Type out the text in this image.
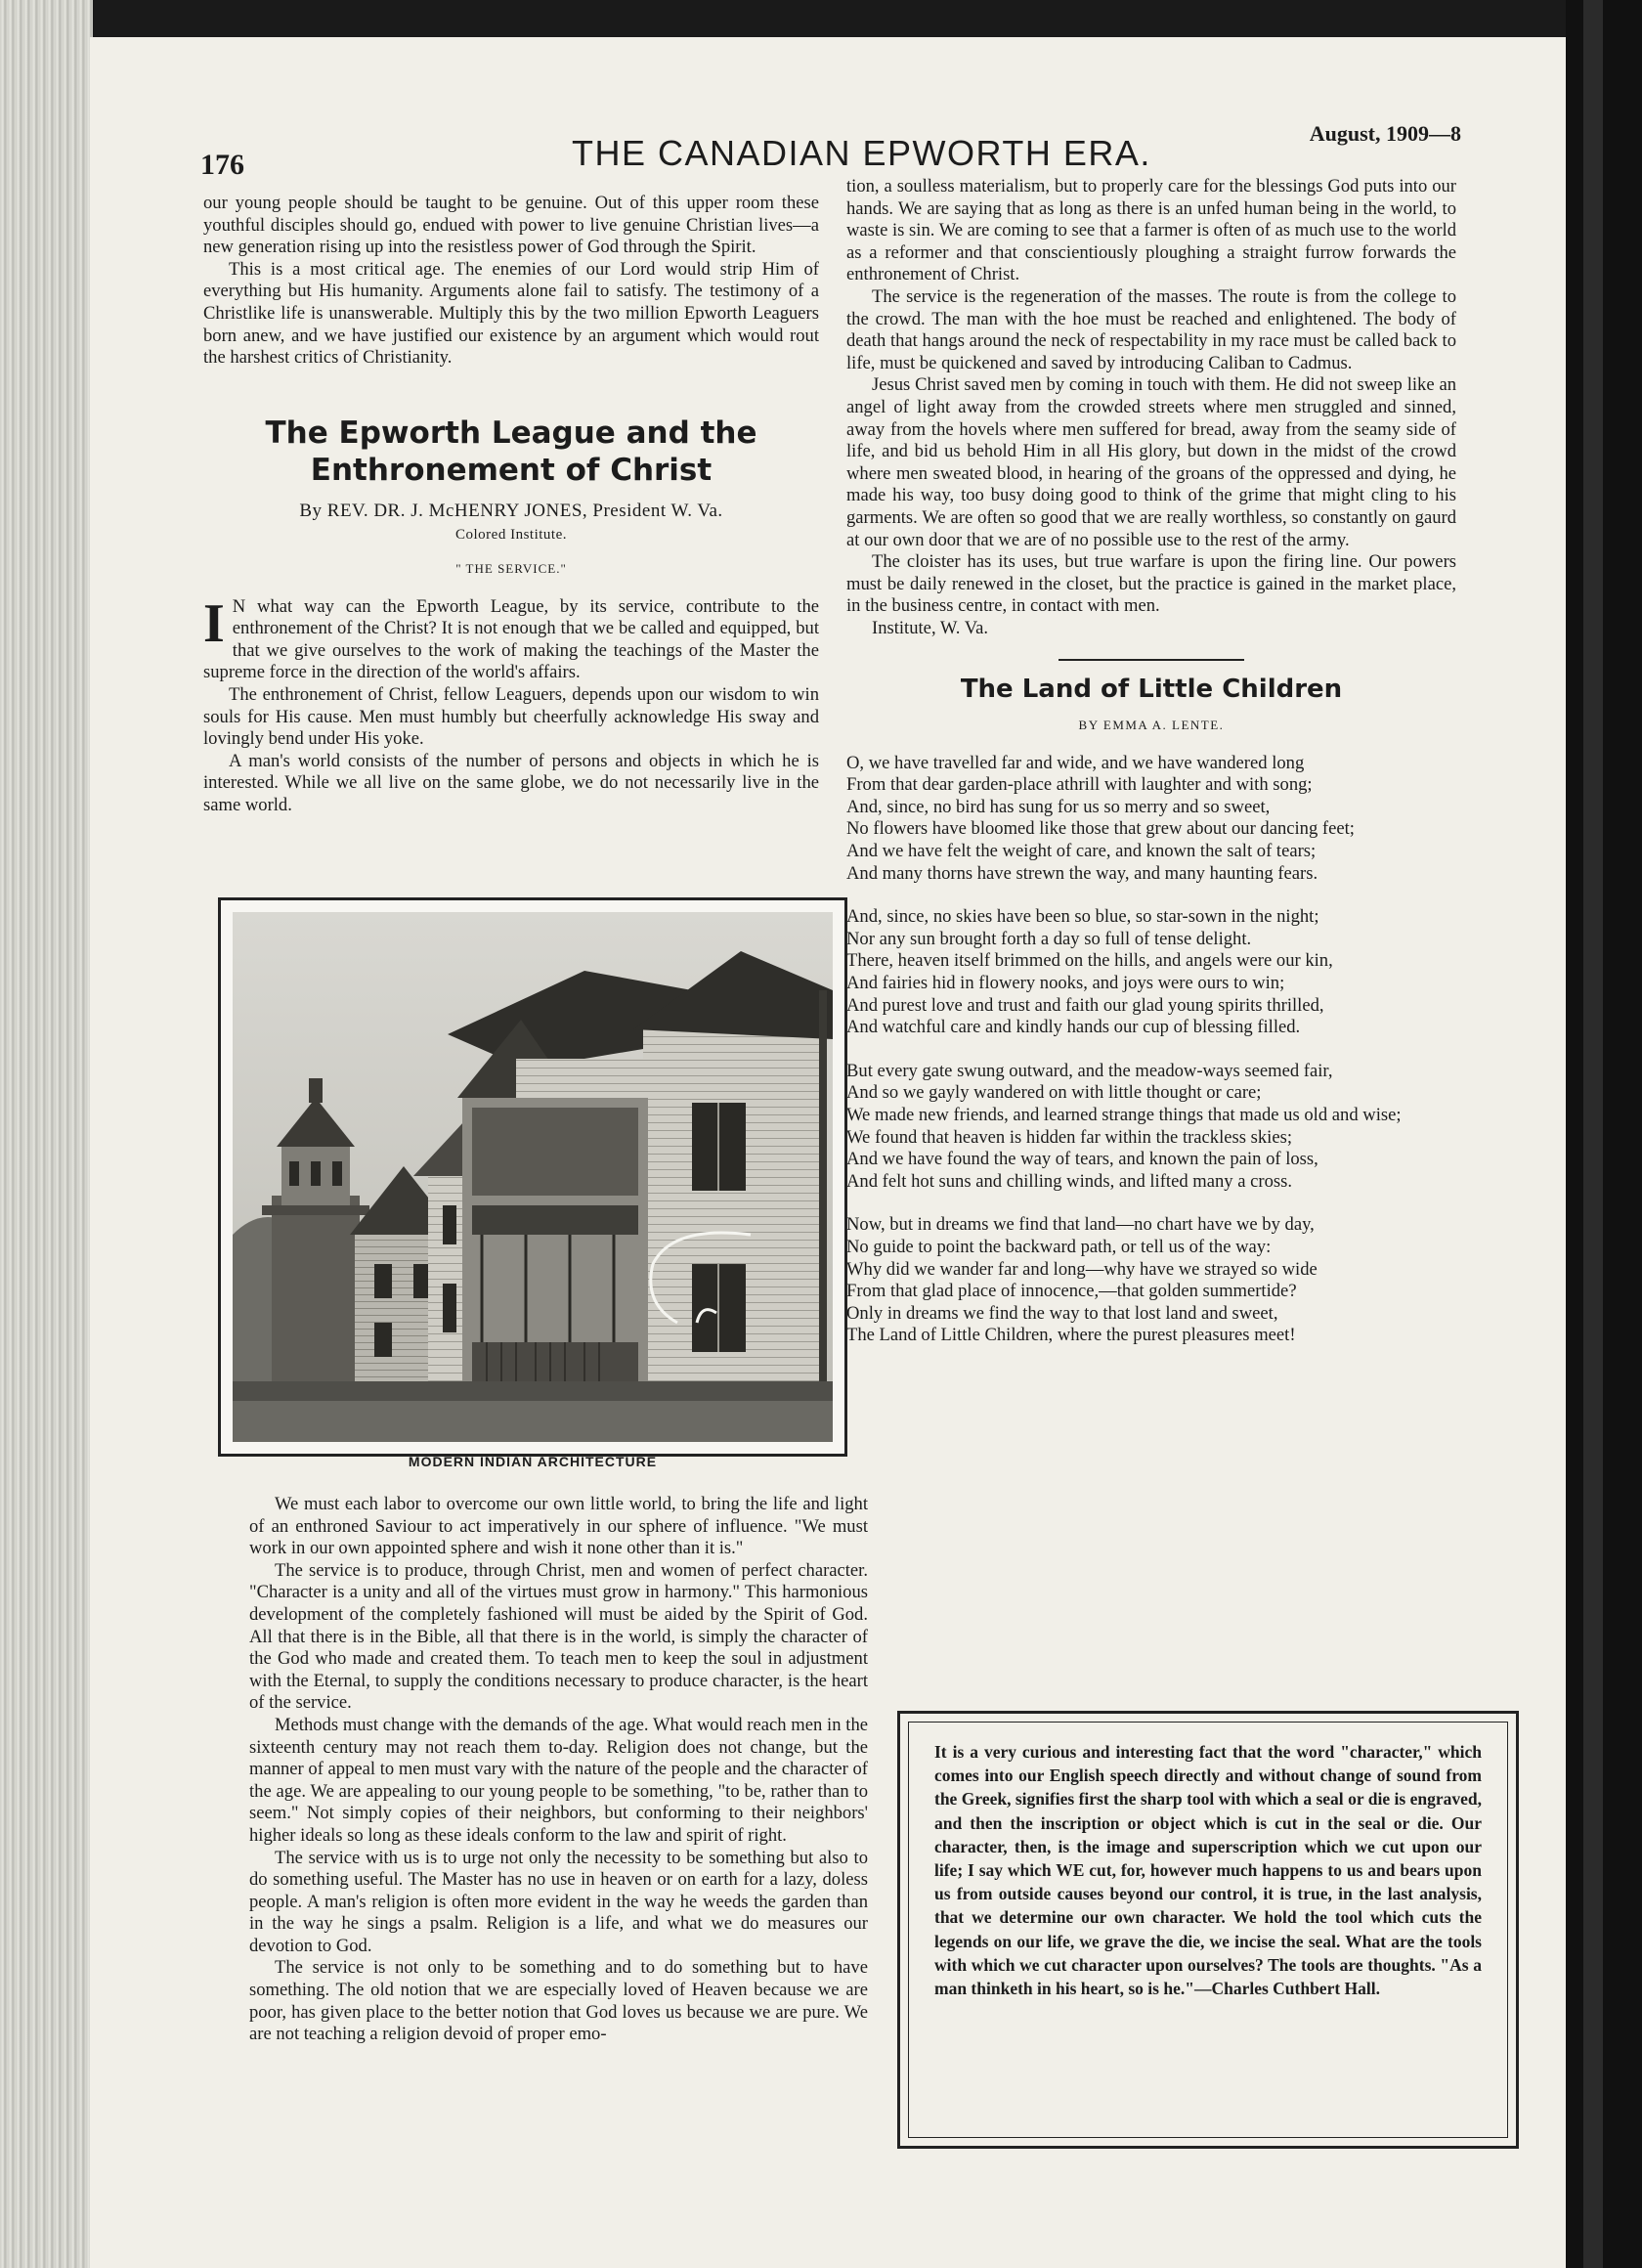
176	THE CANADIAN EPWORTH ERA.	August, 1909—8

our young people should be taught to be genuine. Out of this upper room these youthful disciples should go, endued with power to live genuine Christian lives—a new generation rising up into the resistless power of God through the Spirit.

This is a most critical age. The enemies of our Lord would strip Him of everything but His humanity. Arguments alone fail to satisfy. The testimony of a Christlike life is unanswerable. Multiply this by the two million Epworth Leaguers born anew, and we have justified our existence by an argument which would rout the harshest critics of Christianity.

The Epworth League and the
Enthronement of Christ
By REV. DR. J. McHENRY JONES, President W. Va.
Colored Institute.
" THE SERVICE."

I N what way can the Epworth League, by its service, contribute to the enthronement of the Christ? It is not enough that we be called and equipped, but that we give ourselves to the work of making the teachings of the Master the supreme force in the direction of the world's affairs.

The enthronement of Christ, fellow Leaguers, depends upon our wisdom to win souls for His cause. Men must humbly but cheerfully acknowledge His sway and lovingly bend under His yoke.

A man's world consists of the number of persons and objects in which he is interested. While we all live on the same globe, we do not necessarily live in the same world.

MODERN INDIAN ARCHITECTURE

We must each labor to overcome our own little world, to bring the life and light of an enthroned Saviour to act imperatively in our sphere of influence. "We must work in our own appointed sphere and wish it none other than it is."

The service is to produce, through Christ, men and women of perfect character. "Character is a unity and all of the virtues must grow in harmony." This harmonious development of the completely fashioned will must be aided by the Spirit of God. All that there is in the Bible, all that there is in the world, is simply the character of the God who made and created them. To teach men to keep the soul in adjustment with the Eternal, to supply the conditions necessary to produce character, is the heart of the service.

Methods must change with the demands of the age. What would reach men in the sixteenth century may not reach them to-day. Religion does not change, but the manner of appeal to men must vary with the nature of the people and the character of the age. We are appealing to our young people to be something, "to be, rather than to seem." Not simply copies of their neighbors, but conforming to their neighbors' higher ideals so long as these ideals conform to the law and spirit of right.

The service with us is to urge not only the necessity to be something but also to do something useful. The Master has no use in heaven or on earth for a lazy, doless people. A man's religion is often more evident in the way he weeds the garden than in the way he sings a psalm. Religion is a life, and what we do measures our devotion to God.

The service is not only to be something and to do something but to have something. The old notion that we are especially loved of Heaven because we are poor, has given place to the better notion that God loves us because we are pure. We are not teaching a religion devoid of proper emo-

tion, a soulless materialism, but to properly care for the blessings God puts into our hands. We are saying that as long as there is an unfed human being in the world, to waste is sin. We are coming to see that a farmer is often of as much use to the world as a reformer and that conscientiously ploughing a straight furrow forwards the enthronement of Christ.

The service is the regeneration of the masses. The route is from the college to the crowd. The man with the hoe must be reached and enlightened. The body of death that hangs around the neck of respectability in my race must be called back to life, must be quickened and saved by introducing Caliban to Cadmus.

Jesus Christ saved men by coming in touch with them. He did not sweep like an angel of light away from the crowded streets where men struggled and sinned, away from the hovels where men suffered for bread, away from the seamy side of life, and bid us behold Him in all His glory, but down in the midst of the crowd where men sweated blood, in hearing of the groans of the oppressed and dying, he made his way, too busy doing good to think of the grime that might cling to his garments. We are often so good that we are really worthless, so constantly on gaurd at our own door that we are of no possible use to the rest of the army.

The cloister has its uses, but true warfare is upon the firing line. Our powers must be daily renewed in the closet, but the practice is gained in the market place, in the business centre, in contact with men.

Institute, W. Va.

The Land of Little Children
BY EMMA A. LENTE.
O, we have travelled far and wide, and we have wandered long
From that dear garden-place athrill with laughter and with song;
And, since, no bird has sung for us so merry and so sweet,
No flowers have bloomed like those that grew about our dancing feet;
And we have felt the weight of care, and known the salt of tears;
And many thorns have strewn the way, and many haunting fears.
And, since, no skies have been so blue, so star-sown in the night;
Nor any sun brought forth a day so full of tense delight.
There, heaven itself brimmed on the hills, and angels were our kin,
And fairies hid in flowery nooks, and joys were ours to win;
And purest love and trust and faith our glad young spirits thrilled,
And watchful care and kindly hands our cup of blessing filled.
But every gate swung outward, and the meadow-ways seemed fair,
And so we gayly wandered on with little thought or care;
We made new friends, and learned strange things that made us old and wise;
We found that heaven is hidden far within the trackless skies;
And we have found the way of tears, and known the pain of loss,
And felt hot suns and chilling winds, and lifted many a cross.
Now, but in dreams we find that land—no chart have we by day,
No guide to point the backward path, or tell us of the way:
Why did we wander far and long—why have we strayed so wide
From that glad place of innocence,—that golden summertide?
Only in dreams we find the way to that lost land and sweet,
The Land of Little Children, where the purest pleasures meet!
It is a very curious and interesting fact that the word "character," which comes into our English speech directly and without change of sound from the Greek, signifies first the sharp tool with which a seal or die is engraved, and then the inscription or object which is cut in the seal or die. Our character, then, is the image and superscription which we cut upon our life; I say which WE cut, for, however much happens to us and bears upon us from outside causes beyond our control, it is true, in the last analysis, that we determine our own character. We hold the tool which cuts the legends on our life, we grave the die, we incise the seal. What are the tools with which we cut character upon ourselves? The tools are thoughts. "As a man thinketh in his heart, so is he."—Charles Cuthbert Hall.
